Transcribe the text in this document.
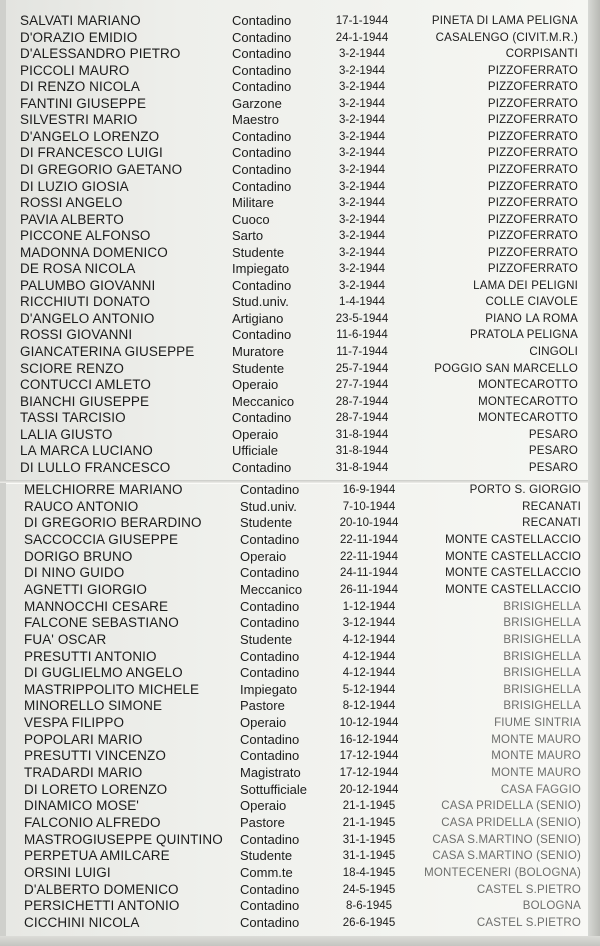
SALVATI MARIANO	Contadino	17-1-1944	PINETA DI LAMA PELIGNA
D'ORAZIO EMIDIO	Contadino	24-1-1944	CASALENGO (CIVIT.M.R.)
D'ALESSANDRO PIETRO	Contadino	3-2-1944	CORPISANTI
PICCOLI MAURO	Contadino	3-2-1944	PIZZOFERRATO
DI RENZO NICOLA	Contadino	3-2-1944	PIZZOFERRATO
FANTINI GIUSEPPE	Garzone	3-2-1944	PIZZOFERRATO
SILVESTRI MARIO	Maestro	3-2-1944	PIZZOFERRATO
D'ANGELO LORENZO	Contadino	3-2-1944	PIZZOFERRATO
DI FRANCESCO LUIGI	Contadino	3-2-1944	PIZZOFERRATO
DI GREGORIO GAETANO	Contadino	3-2-1944	PIZZOFERRATO
DI LUZIO GIOSIA	Contadino	3-2-1944	PIZZOFERRATO
ROSSI ANGELO	Militare	3-2-1944	PIZZOFERRATO
PAVIA ALBERTO	Cuoco	3-2-1944	PIZZOFERRATO
PICCONE ALFONSO	Sarto	3-2-1944	PIZZOFERRATO
MADONNA DOMENICO	Studente	3-2-1944	PIZZOFERRATO
DE ROSA NICOLA	Impiegato	3-2-1944	PIZZOFERRATO
PALUMBO GIOVANNI	Contadino	3-2-1944	LAMA DEI PELIGNI
RICCHIUTI DONATO	Stud.univ.	1-4-1944	COLLE CIAVOLE
D'ANGELO ANTONIO	Artigiano	23-5-1944	PIANO LA ROMA
ROSSI GIOVANNI	Contadino	11-6-1944	PRATOLA PELIGNA
GIANCATERINA GIUSEPPE	Muratore	11-7-1944	CINGOLI
SCIORE RENZO	Studente	25-7-1944	POGGIO SAN MARCELLO
CONTUCCI AMLETO	Operaio	27-7-1944	MONTECAROTTO
BIANCHI GIUSEPPE	Meccanico	28-7-1944	MONTECAROTTO
TASSI TARCISIO	Contadino	28-7-1944	MONTECAROTTO
LALIA GIUSTO	Operaio	31-8-1944	PESARO
LA MARCA LUCIANO	Ufficiale	31-8-1944	PESARO
DI LULLO FRANCESCO	Contadino	31-8-1944	PESARO
MELCHIORRE MARIANO	Contadino	16-9-1944	PORTO S. GIORGIO
RAUCO ANTONIO	Stud.univ.	7-10-1944	RECANATI
DI GREGORIO BERARDINO	Studente	20-10-1944	RECANATI
SACCOCCIA GIUSEPPE	Contadino	22-11-1944	MONTE CASTELLACCIO
DORIGO BRUNO	Operaio	22-11-1944	MONTE CASTELLACCIO
DI NINO GUIDO	Contadino	24-11-1944	MONTE CASTELLACCIO
AGNETTI GIORGIO	Meccanico	26-11-1944	MONTE CASTELLACCIO
MANNOCCHI CESARE	Contadino	1-12-1944	BRISIGHELLA
FALCONE SEBASTIANO	Contadino	3-12-1944	BRISIGHELLA
FUA' OSCAR	Studente	4-12-1944	BRISIGHELLA
PRESUTTI ANTONIO	Contadino	4-12-1944	BRISIGHELLA
DI GUGLIELMO ANGELO	Contadino	4-12-1944	BRISIGHELLA
MASTRIPPOLITO MICHELE	Impiegato	5-12-1944	BRISIGHELLA
MINORELLO SIMONE	Pastore	8-12-1944	BRISIGHELLA
VESPA FILIPPO	Operaio	10-12-1944	FIUME SINTRIA
POPOLARI MARIO	Contadino	16-12-1944	MONTE MAURO
PRESUTTI VINCENZO	Contadino	17-12-1944	MONTE MAURO
TRADARDI MARIO	Magistrato	17-12-1944	MONTE MAURO
DI LORETO LORENZO	Sottufficiale	20-12-1944	CASA FAGGIO
DINAMICO MOSE'	Operaio	21-1-1945	CASA PRIDELLA (SENIO)
FALCONIO ALFREDO	Pastore	21-1-1945	CASA PRIDELLA (SENIO)
MASTROGIUSEPPE QUINTINO Contadino	31-1-1945	CASA S.MARTINO (SENIO)
PERPETUA AMILCARE	Studente	31-1-1945	CASA S.MARTINO (SENIO)
ORSINI LUIGI	Comm.te	18-4-1945	MONTECENERI (BOLOGNA)
D'ALBERTO DOMENICO	Contadino	24-5-1945	CASTEL S.PIETRO
PERSICHETTI ANTONIO	Contadino	8-6-1945	BOLOGNA
CICCHINI NICOLA	Contadino	26-6-1945	CASTEL S.PIETRO
